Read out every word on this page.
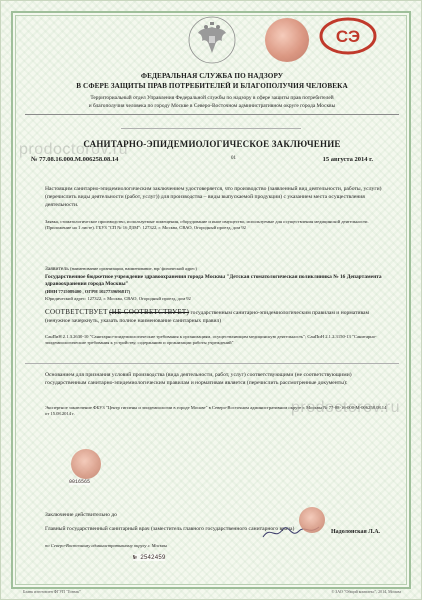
СЭ
ФЕДЕРАЛЬНАЯ СЛУЖБА ПО НАДЗОРУ
В СФЕРЕ ЗАЩИТЫ ПРАВ ПОТРЕБИТЕЛЕЙ И БЛАГОПОЛУЧИЯ ЧЕЛОВЕКА
Территориальный отдел Управления Федеральной службы по надзору в сфере защиты прав потребителей
и благополучия человека по городу Москве в Северо-Восточном административном округе города Москвы
САНИТАРНО-ЭПИДЕМИОЛОГИЧЕСКОЕ ЗАКЛЮЧЕНИЕ
№ 77.08.16.000.М.006258.08.14	01	15 августа 2014 г.
prodoctorov.ru
Настоящим санитарно-эпидемиологическим заключением удостоверяется, что производство (заявленный вид деятельности, работы, услуги) (перечислить виды деятельности (работ, услуг)) для производства – виды выпускаемой продукции) с указанием места осуществления деятельности.
Заявка, стоматологическое производство, используемые помещения, оборудование и иное имущество, используемые для осуществления медицинской деятельности. (Приложение на 1 листе). ГБУЗ "СП № 16 ДЗМ": 127322, г. Москва, СВАО, Огородный проезд, дом 92
Заявитель (наименование организации, наименование, юр/ физический адрес)
Государственное бюджетное учреждение здравоохранения города Москвы "Детская стоматологическая поликлиника № 16 Департамента здравоохранения города Москвы"
(ИНН 7715089400 , ОГРН 1027739696817)
Юридический адрес: 127322, г. Москва, СВАО, Огородный проезд, дом 92
СООТВЕТСТВУЕТ (НЕ СООТВЕТСТВУЕТ) государственным санитарно-эпидемиологическим правилам и нормативам (ненужное зачеркнуть, указать полное наименование санитарных правил)
СанПиН 2.1.3.2630-10 "Санитарно-эпидемиологические требования к организациям, осуществляющим медицинскую деятельность"; СанПиН 2.1.2.3150-13 "Санитарно-эпидемиологические требования к устройству, содержанию и организации работы учреждений"
Основанием для признания условий производства (вида деятельности, работ, услуг) соответствующими (не соответствующими) государственным санитарно-эпидемиологическим правилам и нормативам является (перечислить рассмотренные документы):
Экспертное заключение ФБУЗ "Центр гигиены и эпидемиологии в городе Москве" в Северо-Восточном административном округе г. Москвы № 77-08-16-000-М-006258.08.14 от 15.08.2014 г.	prodoctorov.ru
0016565
Заключение действительно до
Главный государственный санитарный врач (заместитель главного государственного санитарного врача)
по Северо-Восточному административному округу г. Москвы
Надолонская Л.А.
№ 2542459
Бланк изготовлен ФГУП "Гознак"	© ЗАО "Общий комплекс", 2014, Москва
